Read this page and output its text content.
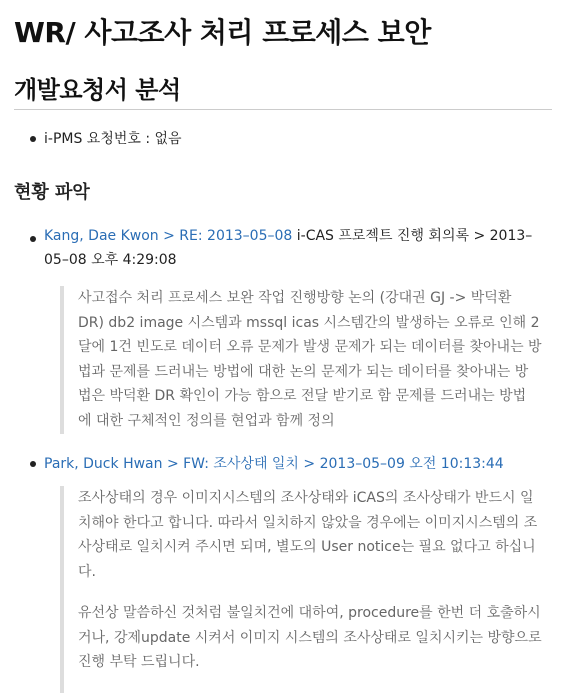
WR/ 사고조사 처리 프로세스 보안
개발요청서 분석
i-PMS 요청번호 : 없음
현황 파악
Kang, Dae Kwon > RE: 2013–05–08 i-CAS 프로젝트 진행 회의록 > 2013–
05–08 오후 4:29:08

사고접수 처리 프로세스 보완 작업 진행방향 논의 (강대권 GJ -> 박덕환

DR) db2 image 시스템과 mssql icas 시스템간의 발생하는 오류로 인해 2

달에 1건 빈도로 데이터 오류 문제가 발생 문제가 되는 데이터를 찾아내는 방

법과 문제를 드러내는 방법에 대한 논의 문제가 되는 데이터를 찾아내는 방

법은 박덕환 DR 확인이 가능 함으로 전달 받기로 함 문제를 드러내는 방법

에 대한 구체적인 정의를 현업과 함께 정의

Park, Duck Hwan > FW: 조사상태 일치 > 2013–05–09 오전 10:13:44

조사상태의 경우 이미지시스템의 조사상태와 iCAS의 조사상태가 반드시 일

치해야 한다고 합니다. 따라서 일치하지 않았을 경우에는 이미지시스템의 조

사상태로 일치시켜 주시면 되며, 별도의 User notice는 필요 없다고 하십니

다.

유선상 말씀하신 것처럼 불일치건에 대하여, procedure를 한번 더 호출하시

거나, 강제update 시켜서 이미지 시스템의 조사상태로 일치시키는 방향으로

진행 부탁 드립니다.
